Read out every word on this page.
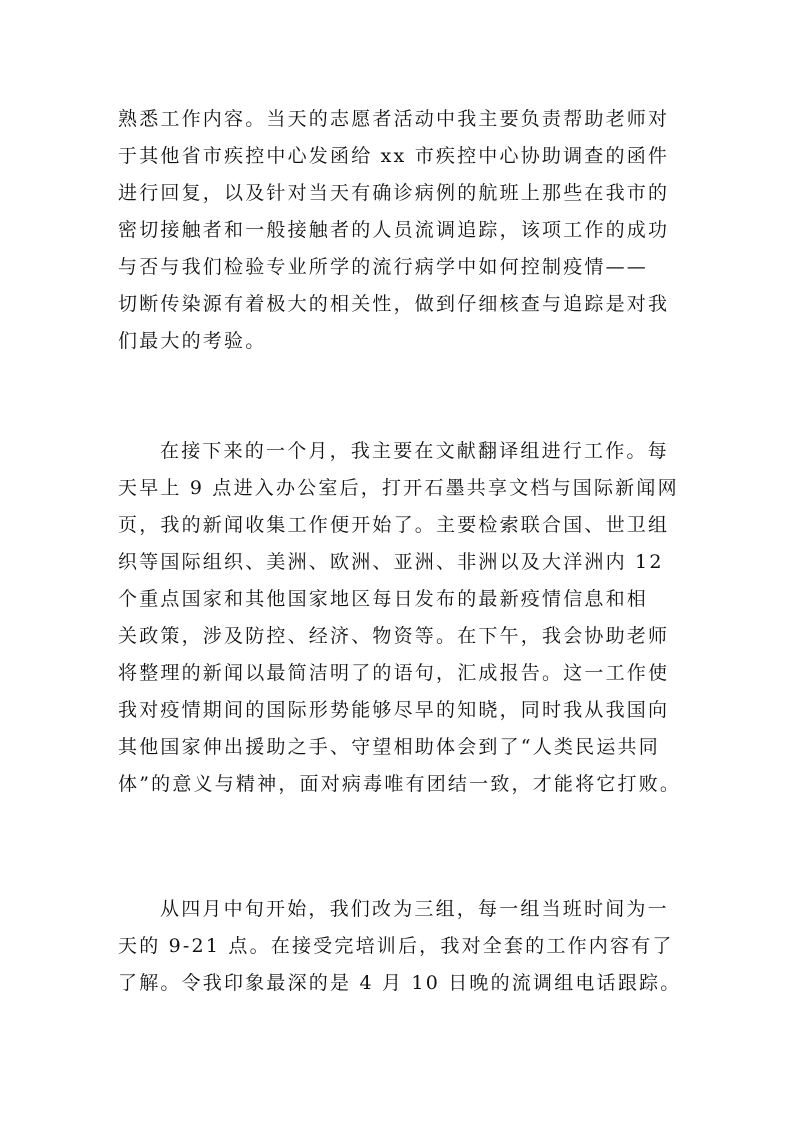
熟悉工作内容。当天的志愿者活动中我主要负责帮助老师对
于其他省市疾控中心发函给 xx 市疾控中心协助调查的函件
进行回复，以及针对当天有确诊病例的航班上那些在我市的
密切接触者和一般接触者的人员流调追踪，该项工作的成功
与否与我们检验专业所学的流行病学中如何控制疫情——
切断传染源有着极大的相关性，做到仔细核查与追踪是对我
们最大的考验。

在接下来的一个月，我主要在文献翻译组进行工作。每
天早上 9 点进入办公室后，打开石墨共享文档与国际新闻网
页，我的新闻收集工作便开始了。主要检索联合国、世卫组
织等国际组织、美洲、欧洲、亚洲、非洲以及大洋洲内 12
个重点国家和其他国家地区每日发布的最新疫情信息和相
关政策，涉及防控、经济、物资等。在下午，我会协助老师
将整理的新闻以最简洁明了的语句，汇成报告。这一工作使
我对疫情期间的国际形势能够尽早的知晓，同时我从我国向
其他国家伸出援助之手、守望相助体会到了“人类民运共同
体”的意义与精神，面对病毒唯有团结一致，才能将它打败。

从四月中旬开始，我们改为三组，每一组当班时间为一
天的 9-21 点。在接受完培训后，我对全套的工作内容有了
了解。令我印象最深的是 4 月 10 日晚的流调组电话跟踪。
